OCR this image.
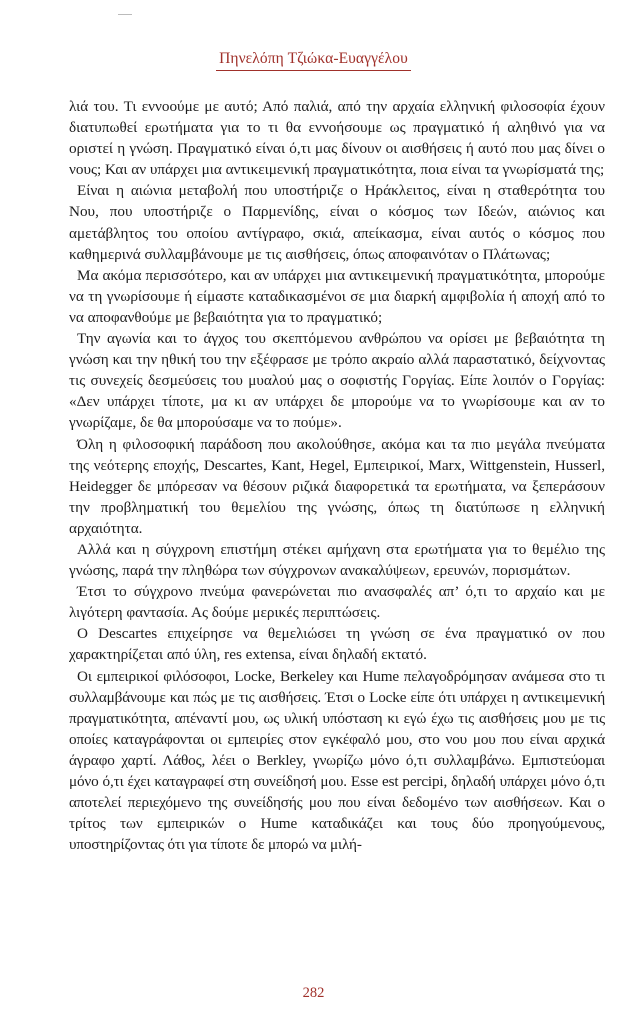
Πηνελόπη Τζιώκα-Ευαγγέλου

λιά του. Τι εννοούμε με αυτό; Από παλιά, από την αρχαία ελληνική φιλοσοφία έχουν διατυπωθεί ερωτήματα για το τι θα εννοήσουμε ως πραγματικό ή αληθινό για να οριστεί η γνώση. Πραγματικό είναι ό,τι μας δίνουν οι αισθήσεις ή αυτό που μας δίνει ο νους; Και αν υπάρχει μια αντικειμενική πραγματικότητα, ποια είναι τα γνωρίσματά της;

Είναι η αιώνια μεταβολή που υποστήριζε ο Ηράκλειτος, είναι η σταθερότητα του Νου, που υποστήριζε ο Παρμενίδης, είναι ο κόσμος των Ιδεών, αιώνιος και αμετάβλητος του οποίου αντίγραφο, σκιά, απείκασμα, είναι αυτός ο κόσμος που καθημερινά συλλαμβάνουμε με τις αισθήσεις, όπως απoφαινόταν ο Πλάτωνας;

Μα ακόμα περισσότερο, και αν υπάρχει μια αντικειμενική πραγματικότητα, μπορούμε να τη γνωρίσουμε ή είμαστε καταδικασμένοι σε μια διαρκή αμφιβολία ή αποχή από το να αποφανθούμε με βεβαιότητα για το πραγματικό;

Την αγωνία και το άγχος του σκεπτόμενου ανθρώπου να ορίσει με βεβαιότητα τη γνώση και την ηθική του την εξέφρασε με τρόπο ακραίο αλλά παραστατικό, δείχνοντας τις συνεχείς δεσμεύσεις του μυαλού μας ο σοφιστής Γοργίας. Είπε λοιπόν ο Γοργίας: «Δεν υπάρχει τίποτε, μα κι αν υπάρχει δε μπορούμε να το γνωρίσουμε και αν το γνωρίζαμε, δε θα μπορούσαμε να το πούμε».

Όλη η φιλοσοφική παράδοση που ακολούθησε, ακόμα και τα πιο μεγάλα πνεύματα της νεότερης εποχής, Descartes, Kant, Hegel, Εμπειρικοί, Marx, Wittgenstein, Husserl, Heidegger δε μπόρεσαν να θέσουν ριζικά διαφορετικά τα ερωτήματα, να ξεπεράσουν την προβληματική του θεμελίου της γνώσης, όπως τη διατύπωσε η ελληνική αρχαιότητα.

Αλλά και η σύγχρονη επιστήμη στέκει αμήχανη στα ερωτήματα για το θεμέλιο της γνώσης, παρά την πληθώρα των σύγχρονων ανακαλύψεων, ερευνών, πορισμάτων.

Έτσι το σύγχρονο πνεύμα φανερώνεται πιο ανασφαλές απ’ ό,τι το αρχαίο και με λιγότερη φαντασία. Ας δούμε μερικές περιπτώσεις.

Ο Descartes επιχείρησε να θεμελιώσει τη γνώση σε ένα πραγματικό ον που χαρακτηρίζεται από ύλη, res extensa, είναι δηλαδή εκτατό.

Οι εμπειρικοί φιλόσοφοι, Locke, Berkeley και Hume πελαγοδρόμησαν ανάμεσα στο τι συλλαμβάνουμε και πώς με τις αισθήσεις. Έτσι ο Locke είπε ότι υπάρχει η αντικειμενική πραγματικότητα, απέναντί μου, ως υλική υπόσταση κι εγώ έχω τις αισθήσεις μου με τις οποίες καταγράφονται οι εμπειρίες στον εγκέφαλό μου, στο νου μου που είναι αρχικά άγραφο χαρτί. Λάθος, λέει ο Berkley, γνωρίζω μόνο ό,τι συλλαμβάνω. Εμπιστεύομαι μόνο ό,τι έχει καταγραφεί στη συνείδησή μου. Esse est percipi, δηλαδή υπάρχει μόνο ό,τι αποτελεί περιεχόμενο της συνείδησής μου που είναι δεδομένο των αισθήσεων. Και ο τρίτος των εμπειρικών ο Hume καταδικάζει και τους δύο προηγούμενους, υποστηρίζοντας ότι για τίποτε δε μπορώ να μιλή-

282
